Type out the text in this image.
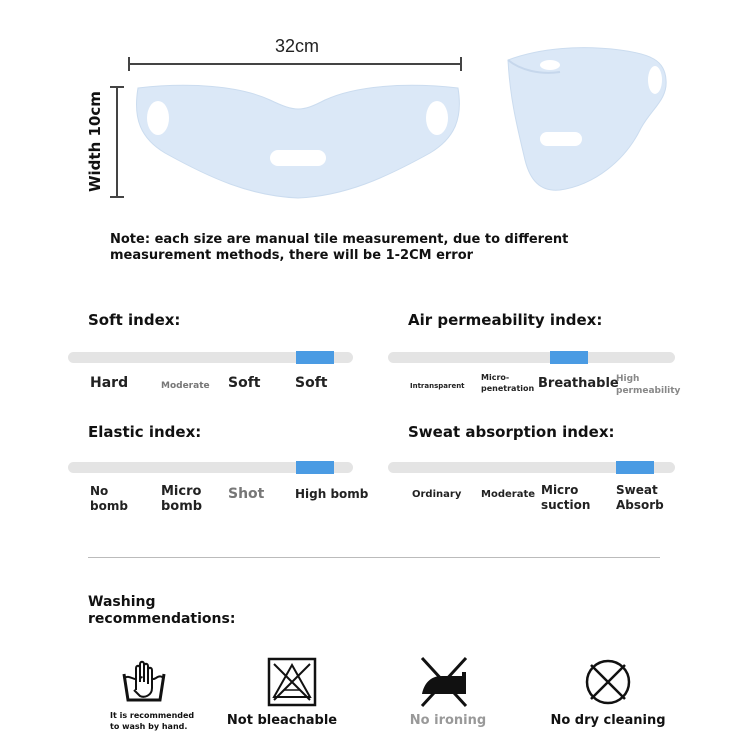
32cm
Width 10cm
Note: each size are manual tile measurement, due to different measurement methods, there will be 1-2CM error
Soft index:
Hard	Moderate Soft Soft
Air permeability index:
Intransparent
Micro-penetration Breathable
High permeability
Elastic index:
No bomb
Micro bomb
Shot	High bomb
Sweat absorption index:
Ordinary Moderate Micro suction
Sweat Absorb
Washing recommendations:
It is recommended to wash by hand.	Not bleachable	No ironing	No dry cleaning
